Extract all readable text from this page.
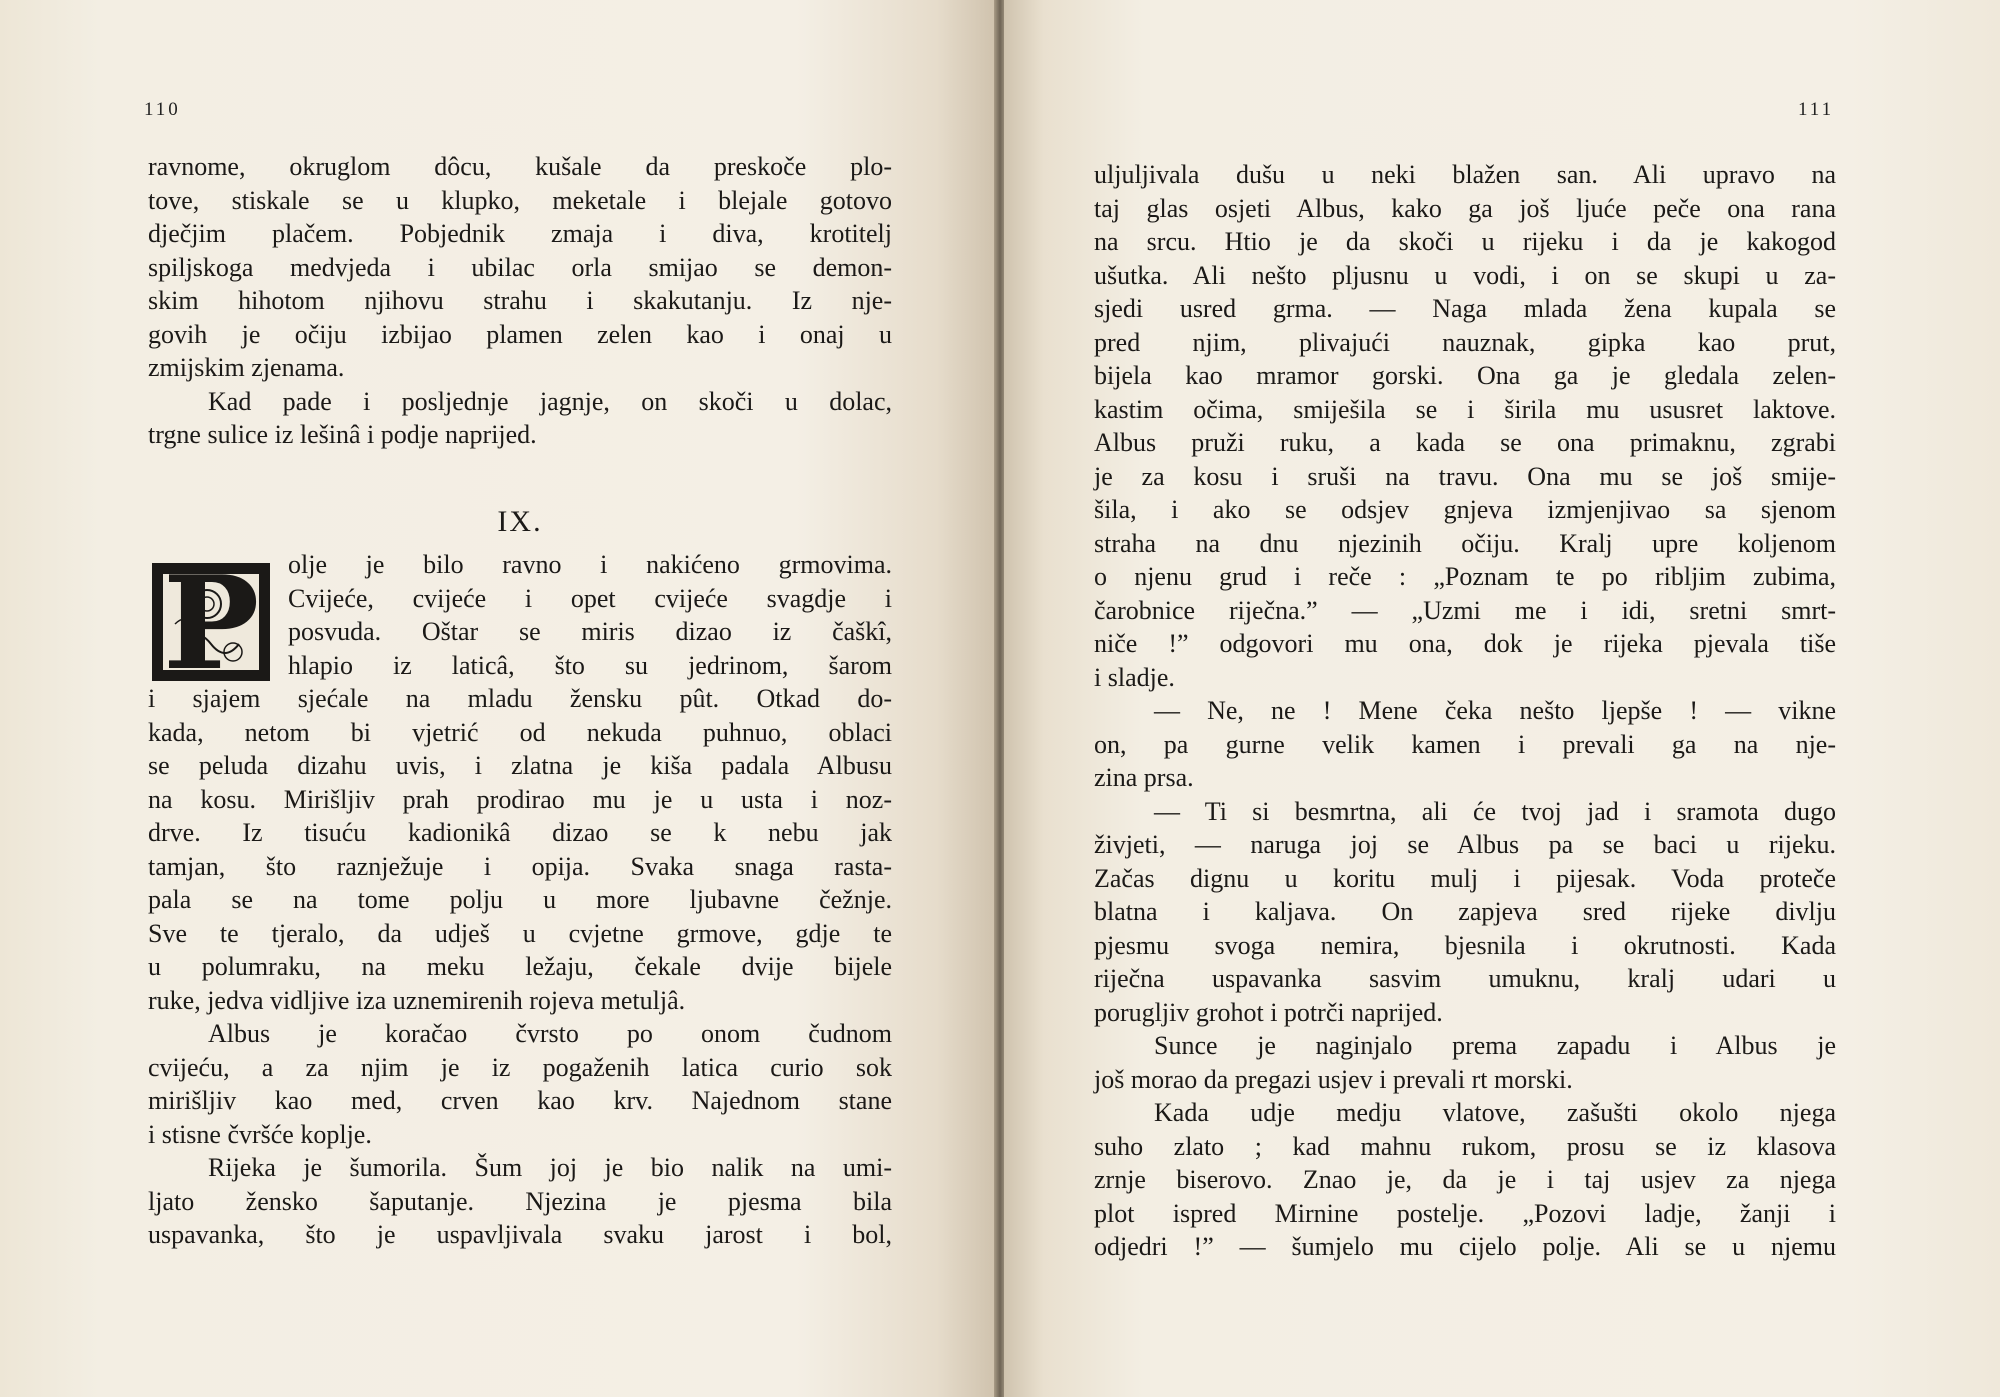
110
ravnome, okruglom dôcu, kušale da preskoče plo-
tove, stiskale se u klupko, meketale i blejale gotovo
dječjim plačem. Pobjednik zmaja i diva, krotitelj
spiljskoga medvjeda i ubilac orla smijao se demon-
skim hihotom njihovu strahu i skakutanju. Iz nje-
govih je očiju izbijao plamen zelen kao i onaj u
zmijskim zjenama.
Kad pade i posljednje jagnje, on skoči u dolac,
trgne sulice iz lešinâ i podje naprijed.
IX.
P olje je bilo ravno i nakićeno grmovima.
Cvijeće, cvijeće i opet cvijeće svagdje i
posvuda. Oštar se miris dizao iz čaškî,
hlapio iz laticâ, što su jedrinom, šarom
i sjajem sjećale na mladu žensku pût. Otkad do-
kada, netom bi vjetrić od nekuda puhnuo, oblaci
se peluda dizahu uvis, i zlatna je kiša padala Albusu
na kosu. Mirišljiv prah prodirao mu je u usta i noz-
drve. Iz tisuću kadionikâ dizao se k nebu jak
tamjan, što raznježuje i opija. Svaka snaga rasta-
pala se na tome polju u more ljubavne čežnje.
Sve te tjeralo, da udješ u cvjetne grmove, gdje te
u polumraku, na meku ležaju, čekale dvije bijele
ruke, jedva vidljive iza uznemirenih rojeva metuljâ.
Albus je koračao čvrsto po onom čudnom
cvijeću, a za njim je iz pogaženih latica curio sok
mirišljiv kao med, crven kao krv. Najednom stane
i stisne čvršće koplje.
Rijeka je šumorila. Šum joj je bio nalik na umi-
ljato žensko šaputanje. Njezina je pjesma bila
uspavanka, što je uspavljivala svaku jarost i bol,
111
uljuljivala dušu u neki blažen san. Ali upravo na
taj glas osjeti Albus, kako ga još ljuće peče ona rana
na srcu. Htio je da skoči u rijeku i da je kakogod
ušutka. Ali nešto pljusnu u vodi, i on se skupi u za-
sjedi usred grma. — Naga mlada žena kupala se
pred njim, plivajući nauznak, gipka kao prut,
bijela kao mramor gorski. Ona ga je gledala zelen-
kastim očima, smiješila se i širila mu ususret laktove.
Albus pruži ruku, a kada se ona primaknu, zgrabi
je za kosu i sruši na travu. Ona mu se još smije-
šila, i ako se odsjev gnjeva izmjenjivao sa sjenom
straha na dnu njezinih očiju. Kralj upre koljenom
o njenu grud i reče : „Poznam te po ribljim zubima,
čarobnice riječna.” — „Uzmi me i idi, sretni smrt-
niče !” odgovori mu ona, dok je rijeka pjevala tiše
i sladje.
— Ne, ne ! Mene čeka nešto ljepše ! — vikne
on, pa gurne velik kamen i prevali ga na nje-
zina prsa.
— Ti si besmrtna, ali će tvoj jad i sramota dugo
živjeti, — naruga joj se Albus pa se baci u rijeku.
Začas dignu u koritu mulj i pijesak. Voda proteče
blatna i kaljava. On zapjeva sred rijeke divlju
pjesmu svoga nemira, bjesnila i okrutnosti. Kada
riječna uspavanka sasvim umuknu, kralj udari u
poruglјiv grohot i potrči naprijed.
Sunce je naginjalo prema zapadu i Albus je
još morao da pregazi usjev i prevali rt morski.
Kada udje medju vlatove, zašušti okolo njega
suho zlato ; kad mahnu rukom, prosu se iz klasova
zrnje biserovo. Znao je, da je i taj usjev za njega
plot ispred Mirnine postelje. „Pozovi ladje, žanji i
odjedri !” — šumjelo mu cijelo polje. Ali se u njemu
